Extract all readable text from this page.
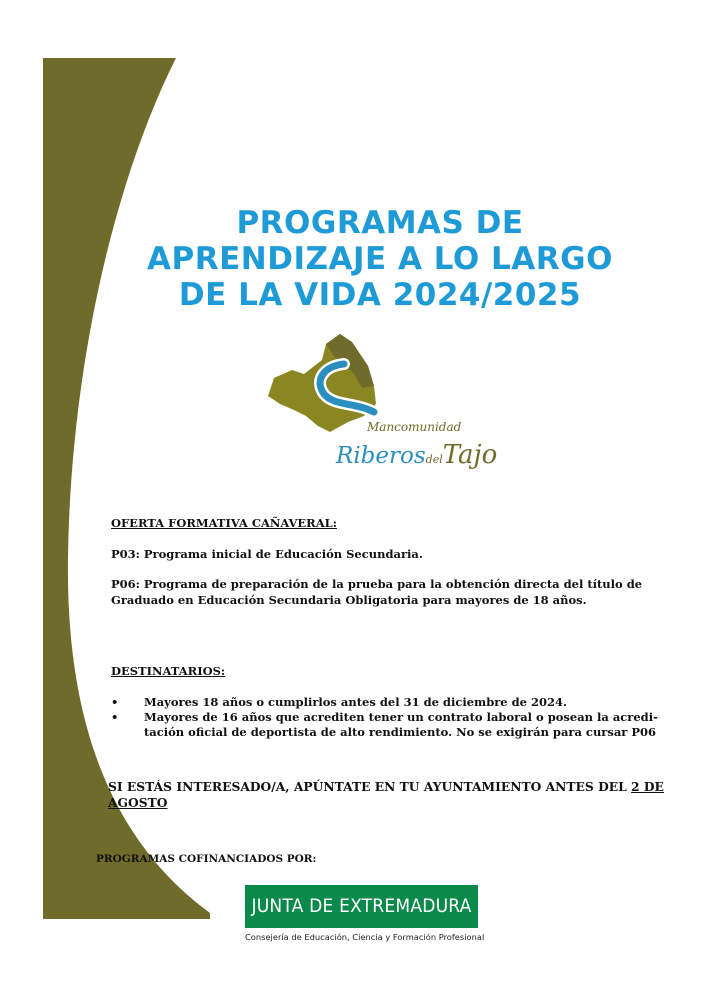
PROGRAMAS DE
APRENDIZAJE A LO LARGO
DE LA VIDA 2024/2025
Mancomunidad
RiberosdelTajo
OFERTA FORMATIVA CAÑAVERAL:
P03: Programa inicial de Educación Secundaria.
P06: Programa de preparación de la prueba para la obtención directa del título de
Graduado en Educación Secundaria Obligatoria para mayores de 18 años.
DESTINATARIOS:
• Mayores 18 años o cumplirlos antes del 31 de diciembre de 2024.
• Mayores de 16 años que acrediten tener un contrato laboral o posean la acredi-
tación oficial de deportista de alto rendimiento. No se exigirán para cursar P06
SI ESTÁS INTERESADO/A, APÚNTATE EN TU AYUNTAMIENTO ANTES DEL 2 DE
AGOSTO
PROGRAMAS COFINANCIADOS POR:
JUNTA DE EXTREMADURA
Consejería de Educación, Ciencia y Formación Profesional
